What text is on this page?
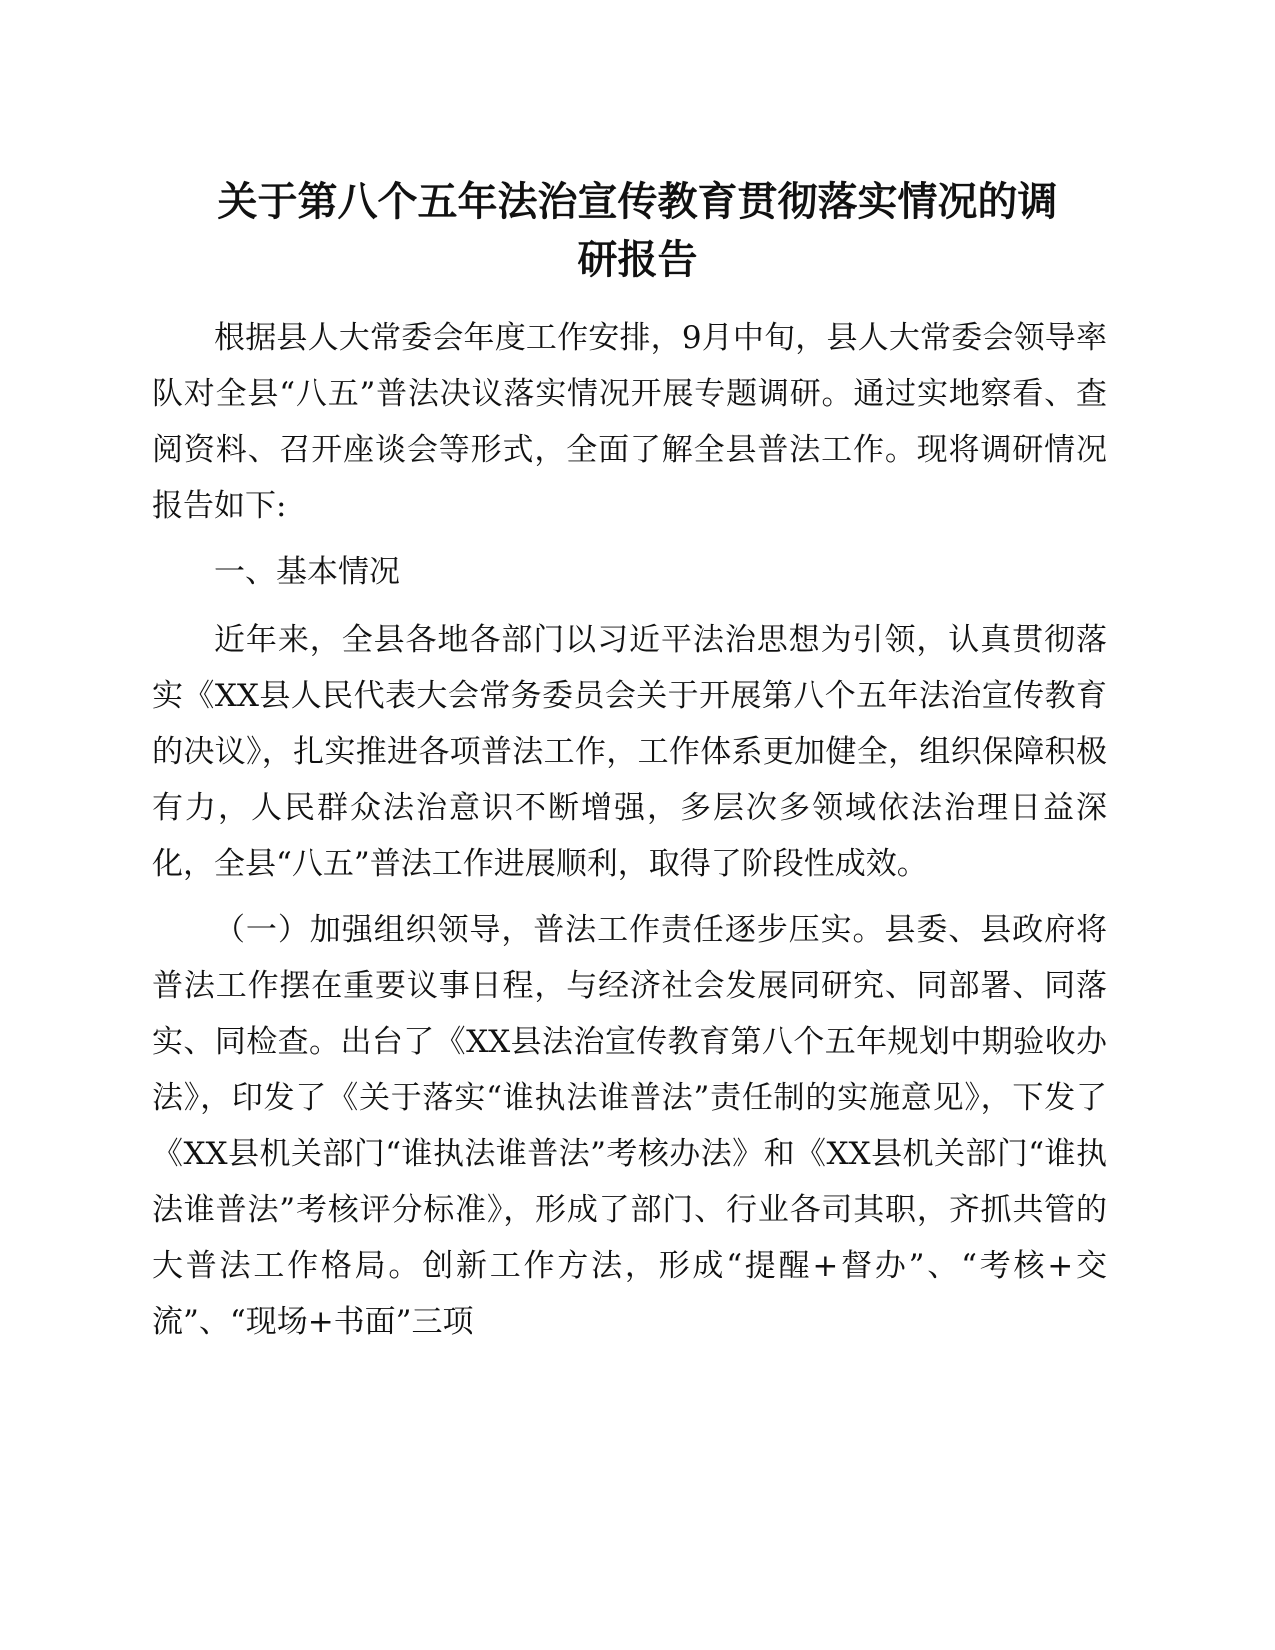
关于第八个五年法治宣传教育贯彻落实情况的调
研报告

根据县人大常委会年度工作安排，9月中旬，县人大常委会领导率队对全县“八五”普法决议落实情况开展专题调研。通过实地察看、查阅资料、召开座谈会等形式，全面了解全县普法工作。现将调研情况报告如下:

一、基本情况

近年来，全县各地各部门以习近平法治思想为引领，认真贯彻落实《XX县人民代表大会常务委员会关于开展第八个五年法治宣传教育的决议》，扎实推进各项普法工作，工作体系更加健全，组织保障积极有力，人民群众法治意识不断增强，多层次多领域依法治理日益深化，全县“八五”普法工作进展顺利，取得了阶段性成效。

（一）加强组织领导，普法工作责任逐步压实。县委、县政府将普法工作摆在重要议事日程，与经济社会发展同研究、同部署、同落实、同检查。出台了《XX县法治宣传教育第八个五年规划中期验收办法》，印发了《关于落实“谁执法谁普法”责任制的实施意见》，下发了《XX县机关部门“谁执法谁普法”考核办法》和《XX县机关部门“谁执法谁普法”考核评分标准》，形成了部门、行业各司其职，齐抓共管的大普法工作格局。创新工作方法，形成“提醒+督办”、“考核+交流”、“现场+书面”三项
